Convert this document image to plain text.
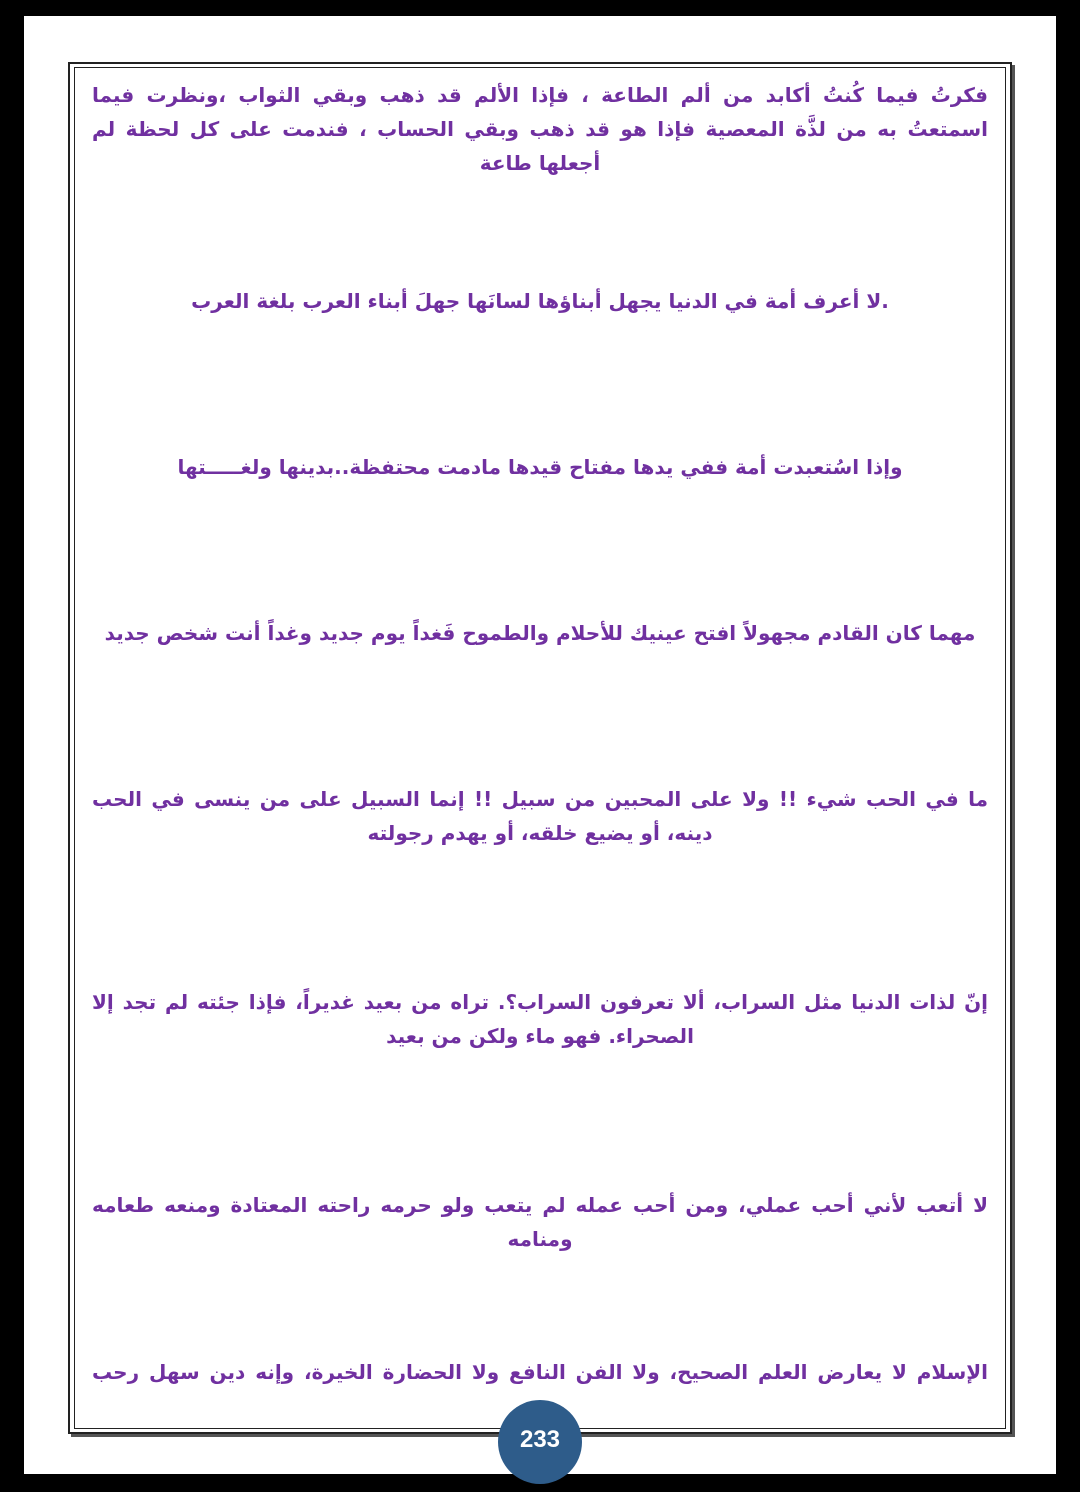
فكرتُ فيما كُنتُ أكابد من ألم الطاعة ، فإذا الألم قد ذهب وبقي الثواب ،ونظرت فيما اسمتعتُ به من لذَّة المعصية فإذا هو قد ذهب وبقي الحساب ، فندمت على كل لحظة لم أجعلها طاعة

.لا أعرف أمة في الدنيا يجهل أبناؤها لسانَها جهلَ أبناء العرب بلغة العرب

وإذا اسُتعبدت أمة ففي يدها مفتاح قيدها مادمت محتفظة..بدينها ولغـــــتها

مهما كان القادم مجهولاً افتح عينيك للأحلام والطموح فَغداً يوم جديد وغداً أنت شخص جديد

ما في الحب شيء !! ولا على المحبين من سبيل !! إنما السبيل على من ينسى في الحب دينه، أو يضيع خلقه، أو يهدم رجولته

إنّ لذات الدنيا مثل السراب، ألا تعرفون السراب؟. تراه من بعيد غديراً، فإذا جئته لم تجد إلا الصحراء. فهو ماء ولكن من بعيد

لا أتعب لأني أحب عملي، ومن أحب عمله لم يتعب ولو حرمه راحته المعتادة ومنعه طعامه ومنامه

الإسلام لا يعارض العلم الصحيح، ولا الفن النافع ولا الحضارة الخيرة، وإنه دين سهل رحب

233
